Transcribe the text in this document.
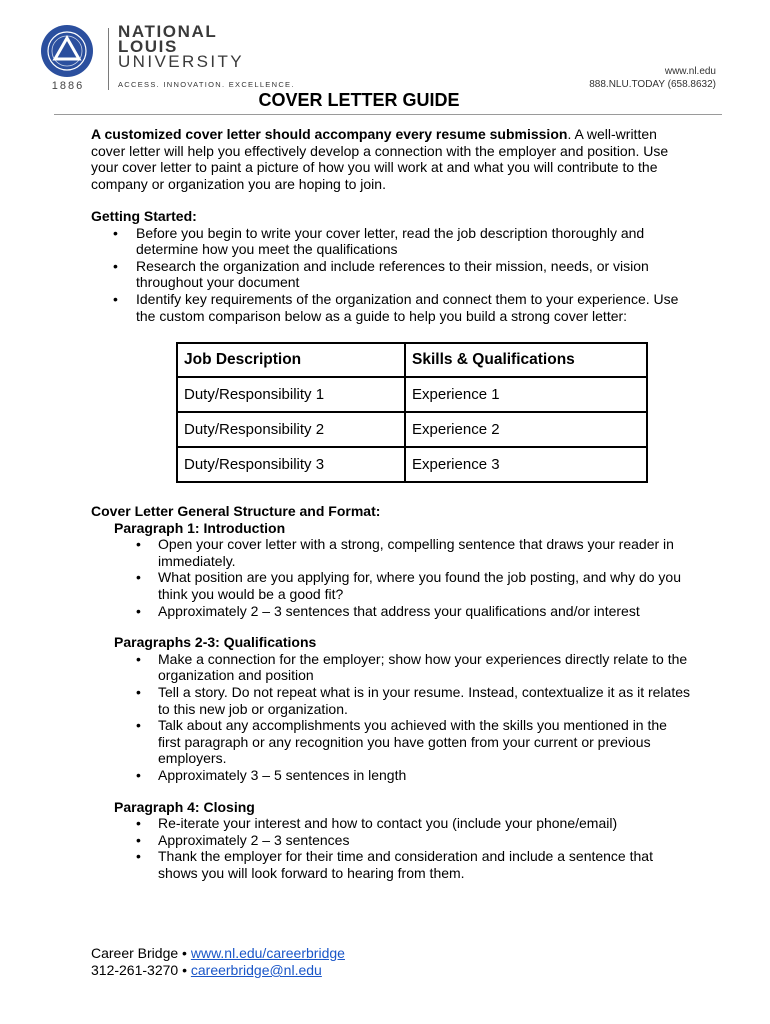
1886
NATIONAL
LOUIS
UNIVERSITY
ACCESS. INNOVATION. EXCELLENCE.
www.nl.edu
888.NLU.TODAY (658.8632)
COVER LETTER GUIDE
A customized cover letter should accompany every resume submission. A well-written cover letter will help you effectively develop a connection with the employer and position. Use your cover letter to paint a picture of how you will work at and what you will contribute to the company or organization you are hoping to join.
Getting Started:
• Before you begin to write your cover letter, read the job description thoroughly and determine how you meet the qualifications
• Research the organization and include references to their mission, needs, or vision throughout your document
• Identify key requirements of the organization and connect them to your experience. Use the custom comparison below as a guide to help you build a strong cover letter:
Job Description	Skills & Qualifications
Duty/Responsibility 1	Experience 1
Duty/Responsibility 2	Experience 2
Duty/Responsibility 3	Experience 3
Cover Letter General Structure and Format:
Paragraph 1: Introduction
• Open your cover letter with a strong, compelling sentence that draws your reader in immediately.
• What position are you applying for, where you found the job posting, and why do you think you would be a good fit?
• Approximately 2 – 3 sentences that address your qualifications and/or interest
Paragraphs 2-3: Qualifications
• Make a connection for the employer; show how your experiences directly relate to the organization and position
• Tell a story. Do not repeat what is in your resume. Instead, contextualize it as it relates to this new job or organization.
• Talk about any accomplishments you achieved with the skills you mentioned in the first paragraph or any recognition you have gotten from your current or previous employers.
• Approximately 3 – 5 sentences in length
Paragraph 4: Closing
• Re-iterate your interest and how to contact you (include your phone/email)
• Approximately 2 – 3 sentences
• Thank the employer for their time and consideration and include a sentence that shows you will look forward to hearing from them.
Career Bridge • www.nl.edu/careerbridge
312-261-3270 • careerbridge@nl.edu
